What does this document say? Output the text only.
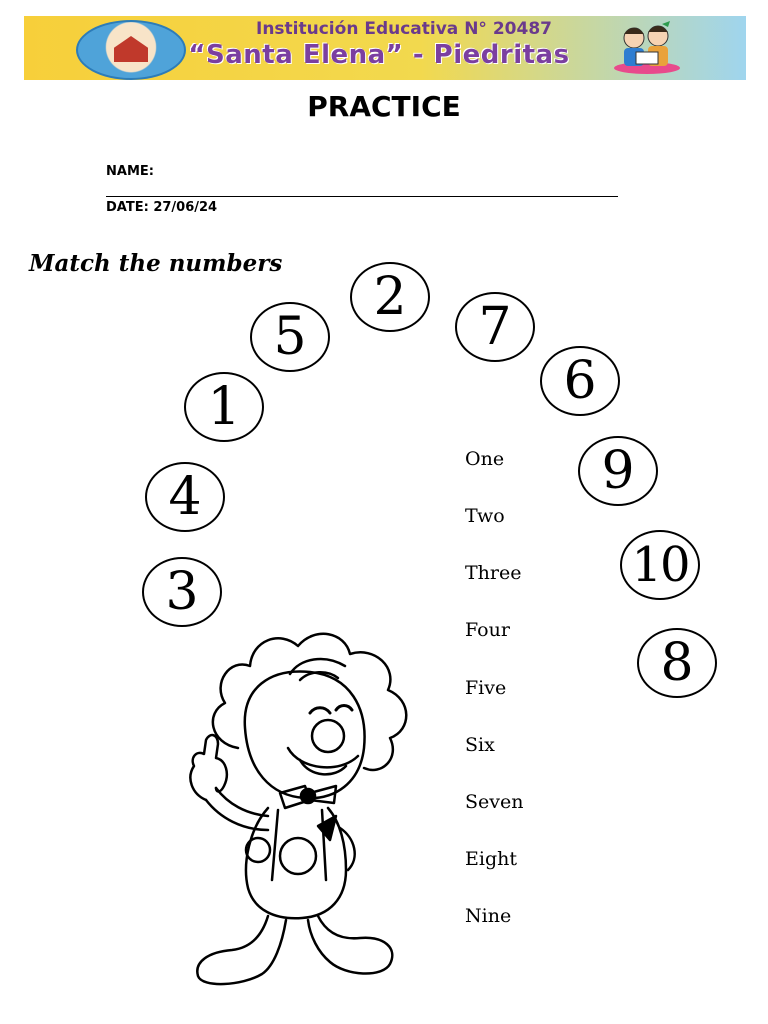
Institución Educativa N° 20487
“Santa Elena” - Piedritas
PRACTICE
NAME:
DATE: 27/06/24
Match the numbers
5
2	7
1	6
4	9
3	10
8
One
Two
Three
Four
Five
Six
Seven
Eight
Nine
